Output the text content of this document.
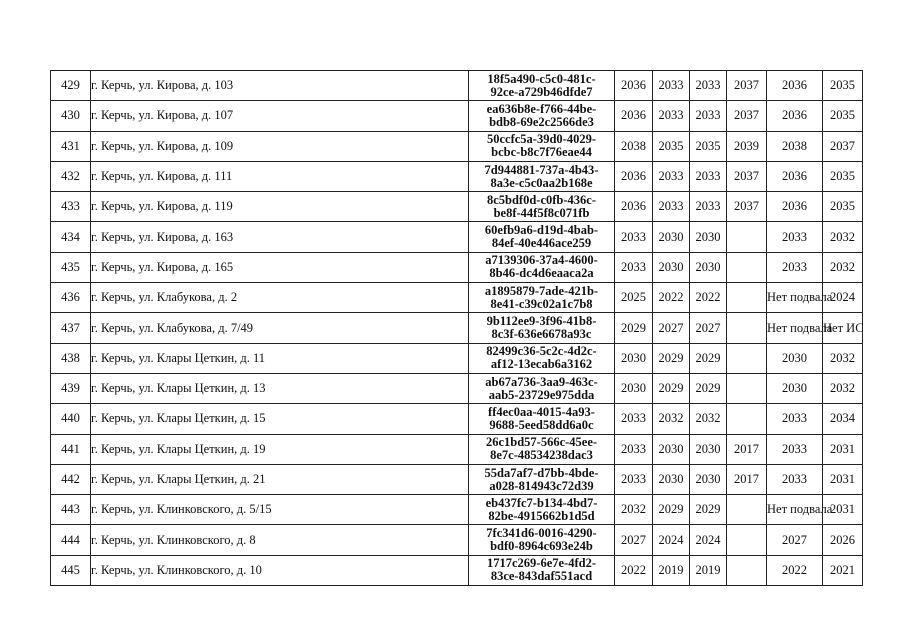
429	г. Керчь, ул. Кирова, д. 103	18f5a490-c5c0-481c-
92ce-a729b46dfde7	2036	2033	2033	2037	2036	2035
430	г. Керчь, ул. Кирова, д. 107	ea636b8e-f766-44be-
bdb8-69e2c2566de3	2036	2033	2033	2037	2036	2035
431	г. Керчь, ул. Кирова, д. 109	50ccfc5a-39d0-4029-
bcbc-b8c7f76eae44	2038	2035	2035	2039	2038	2037
432	г. Керчь, ул. Кирова, д. 111	7d944881-737a-4b43-
8a3e-c5c0aa2b168e	2036	2033	2033	2037	2036	2035
433	г. Керчь, ул. Кирова, д. 119	8c5bdf0d-c0fb-436c-
be8f-44f5f8c071fb	2036	2033	2033	2037	2036	2035
434	г. Керчь, ул. Кирова, д. 163	60efb9a6-d19d-4bab-
84ef-40e446ace259	2033	2030	2030		2033	2032
435	г. Керчь, ул. Кирова, д. 165	a7139306-37a4-4600-
8b46-dc4d6eaaca2a	2033	2030	2030		2033	2032
436	г. Керчь, ул. Клабукова, д. 2	a1895879-7ade-421b-
8e41-c39c02a1c7b8	2025	2022	2022		Нет подвала	2024
437	г. Керчь, ул. Клабукова, д. 7/49	9b112ee9-3f96-41b8-
8c3f-636e6678a93c	2029	2027	2027		Нет подвала	Нет ИС
438	г. Керчь, ул. Клары Цеткин, д. 11	82499c36-5c2c-4d2c-
af12-13ecab6a3162	2030	2029	2029		2030	2032
439	г. Керчь, ул. Клары Цеткин, д. 13	ab67a736-3aa9-463c-
aab5-23729e975dda	2030	2029	2029		2030	2032
440	г. Керчь, ул. Клары Цеткин, д. 15	ff4ec0aa-4015-4a93-
9688-5eed58dd6a0c	2033	2032	2032		2033	2034
441	г. Керчь, ул. Клары Цеткин, д. 19	26c1bd57-566c-45ee-
8e7c-48534238dac3	2033	2030	2030	2017	2033	2031
442	г. Керчь, ул. Клары Цеткин, д. 21	55da7af7-d7bb-4bde-
a028-814943c72d39	2033	2030	2030	2017	2033	2031
443	г. Керчь, ул. Клинковского, д. 5/15	eb437fc7-b134-4bd7-
82be-4915662b1d5d	2032	2029	2029		Нет подвала	2031
444	г. Керчь, ул. Клинковского, д. 8	7fc341d6-0016-4290-
bdf0-8964c693e24b	2027	2024	2024		2027	2026
445	г. Керчь, ул. Клинковского, д. 10	1717c269-6e7e-4fd2-
83ce-843daf551acd	2022	2019	2019		2022	2021
